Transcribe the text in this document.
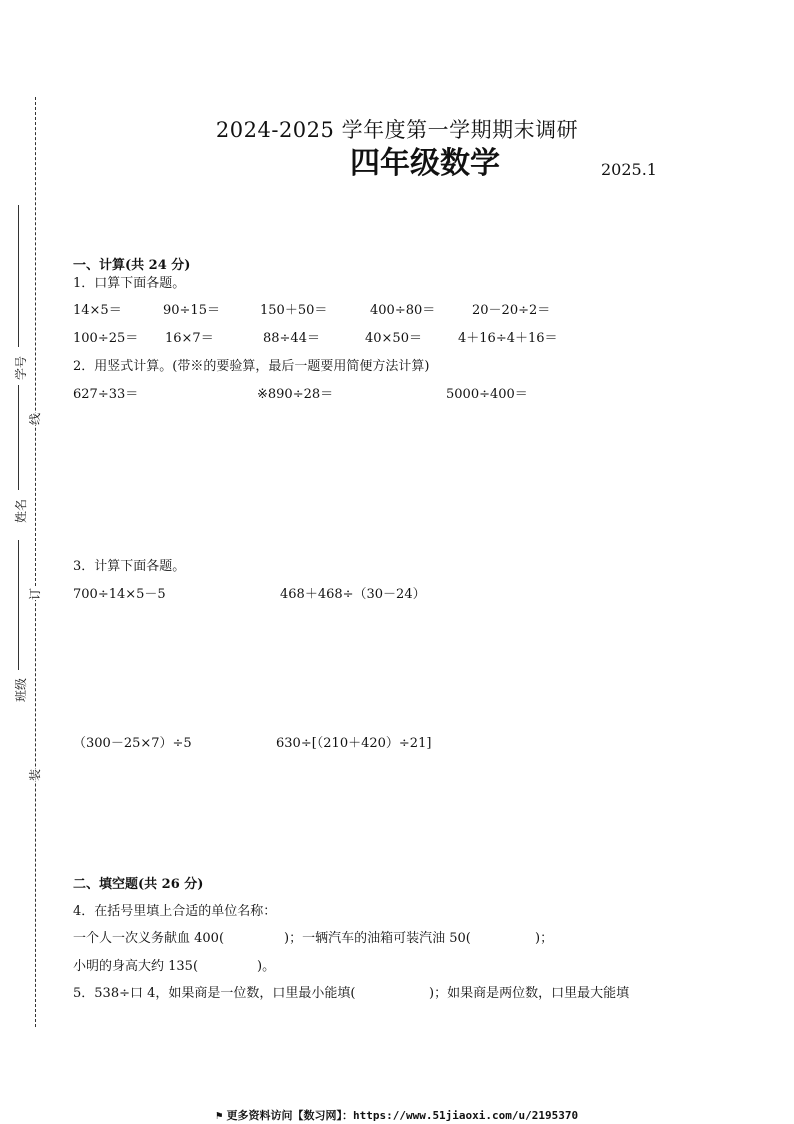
学号
姓名
班级
线
订
装
2024-2025 学年度第一学期期末调研
四年级数学	2025.1
一、计算(共 24 分)
1．口算下面各题。
14×5＝	90÷15＝	150＋50＝	400÷80＝	20－20÷2＝
100÷25＝ 16×7＝	88÷44＝	40×50＝	4＋16÷4＋16＝
2．用竖式计算。(带※的要验算，最后一题要用简便方法计算)
627÷33＝	※890÷28＝	5000÷400＝
3．计算下面各题。
700÷14×5－5	468＋468÷（30－24）
（300－25×7）÷5	630÷[（210＋420）÷21]
二、填空题(共 26 分)
4．在括号里填上合适的单位名称：
一个人一次义务献血 400(	)；一辆汽车的油箱可装汽油 50(	)；
小明的身高大约 135(	)。
5．538÷口 4，如果商是一位数，口里最小能填(	)；如果商是两位数，口里最大能填
⚑ 更多资料访问【数习网】：https://www.51jiaoxi.com/u/2195370
